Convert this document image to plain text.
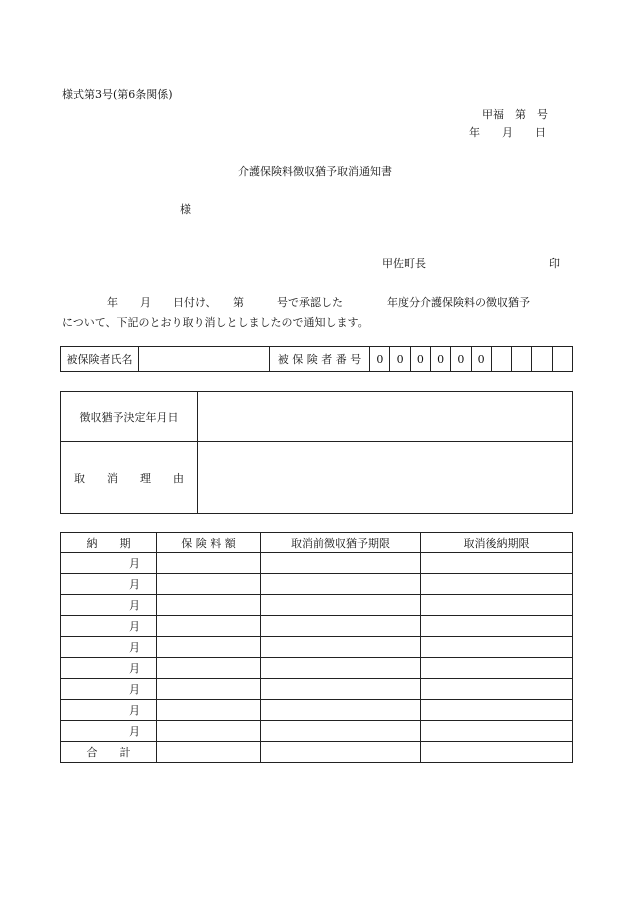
様式第3号(第6条関係)
甲福　第　号
年　　月　　日
介護保険料徴収猶予取消通知書
様
甲佐町長	印
年　　月　　日付け、　　第　　　号で承認した　　　　年度分介護保険料の徴収猶予
について、下記のとおり取り消しとしましたので通知します。
被保険者氏名		被 保 険 者 番 号	0	0	0	0	0	0				
徴収猶予決定年月日	
取　　消　　理　　由	
納　　期	保 険 料 額	取消前徴収猶予期限	取消後納期限
月			
月			
月			
月			
月			
月			
月			
月			
月			
合　　計			
